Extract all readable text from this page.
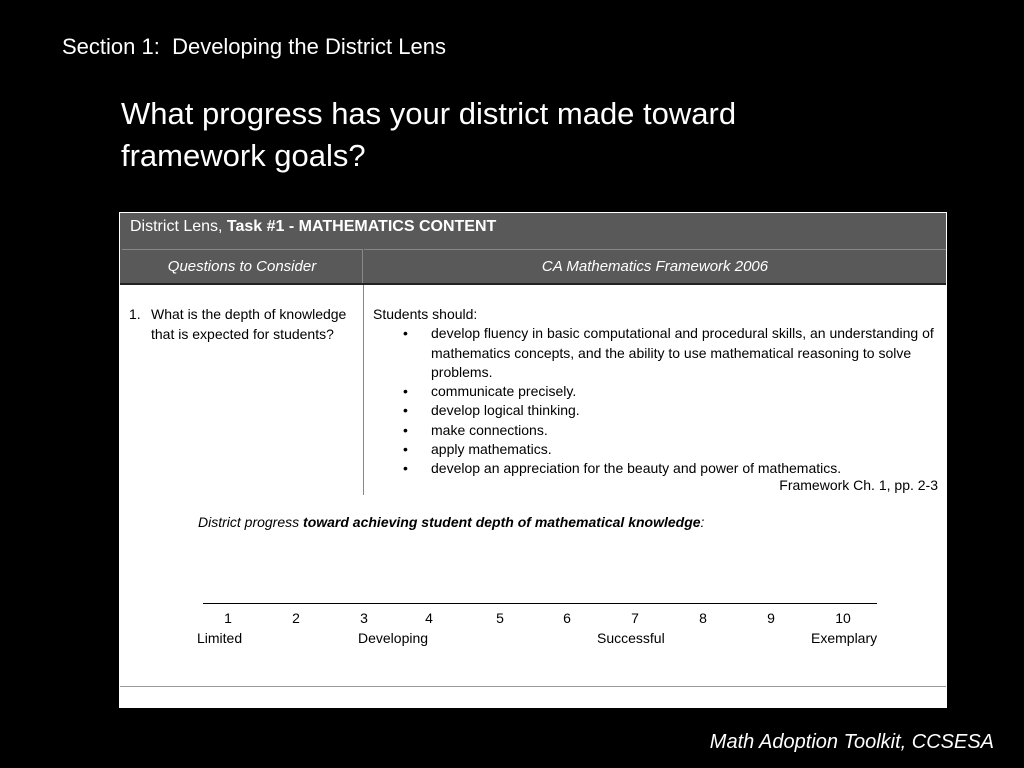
Section 1:  Developing the District Lens
What progress has your district made toward framework goals?
District Lens, Task #1 - MATHEMATICS CONTENT
Questions to Consider	CA Mathematics Framework 2006
1. What is the depth of knowledge that is expected for students?
Students should:
• develop fluency in basic computational and procedural skills, an understanding of mathematics concepts, and the ability to use mathematical reasoning to solve problems.
• communicate precisely.
• develop logical thinking.
• make connections.
• apply mathematics.
• develop an appreciation for the beauty and power of mathematics.
Framework Ch. 1, pp. 2-3
District progress toward achieving student depth of mathematical knowledge:
1	2	3	4	5	6	7	8	9	10
Limited	Developing	Successful	Exemplary
Math Adoption Toolkit, CCSESA
